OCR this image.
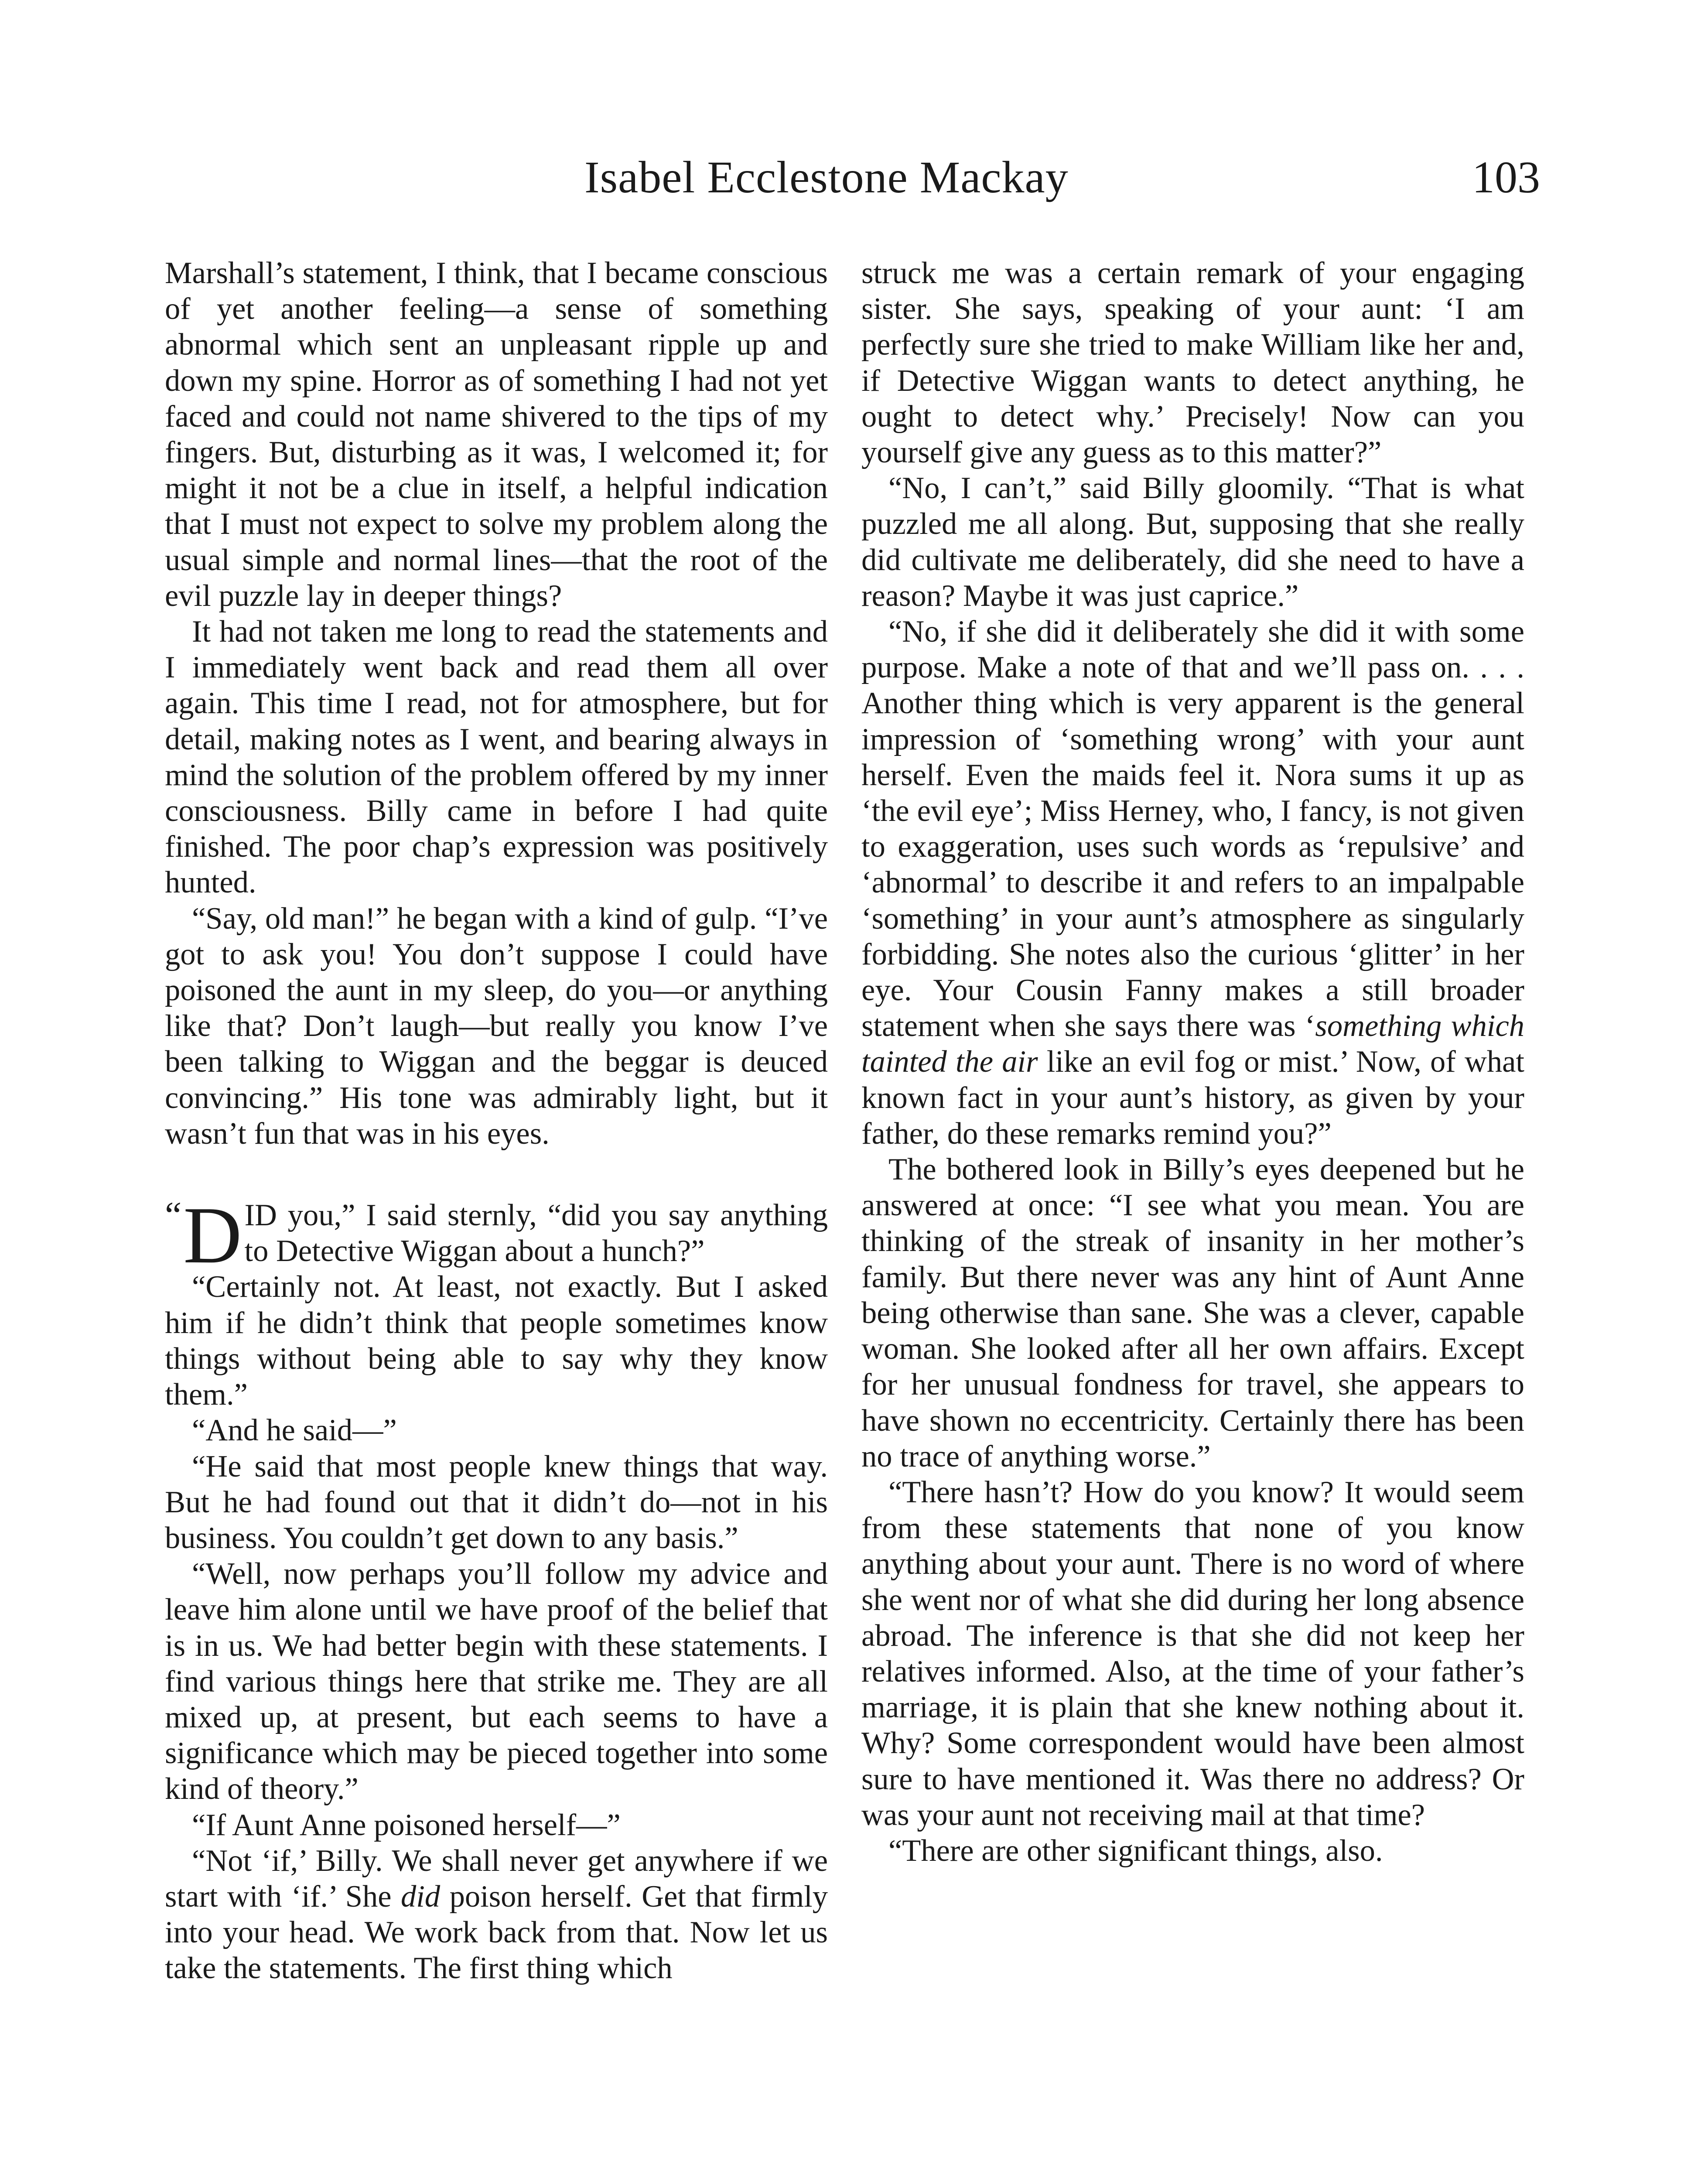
Isabel Ecclestone Mackay	103

Marshall’s statement, I think, that I became conscious of yet another feeling—a sense of something abnormal which sent an unpleasant ripple up and down my spine. Horror as of something I had not yet faced and could not name shivered to the tips of my fingers. But, disturbing as it was, I welcomed it; for might it not be a clue in itself, a helpful indication that I must not expect to solve my problem along the usual simple and normal lines—that the root of the evil puzzle lay in deeper things?

It had not taken me long to read the statements and I immediately went back and read them all over again. This time I read, not for atmosphere, but for detail, making notes as I went, and bearing always in mind the solution of the problem offered by my inner consciousness. Billy came in before I had quite finished. The poor chap’s expression was positively hunted.

“Say, old man!” he began with a kind of gulp. “I’ve got to ask you! You don’t suppose I could have poisoned the aunt in my sleep, do you—or anything like that? Don’t laugh—but really you know I’ve been talking to Wiggan and the beggar is deuced convincing.” His tone was admirably light, but it wasn’t fun that was in his eyes.

“ D ID you,” I said sternly, “did you say anything to Detective Wiggan about a hunch?”

“Certainly not. At least, not exactly. But I asked him if he didn’t think that people sometimes know things without being able to say why they know them.”

“And he said—”

“He said that most people knew things that way. But he had found out that it didn’t do—not in his business. You couldn’t get down to any basis.”

“Well, now perhaps you’ll follow my advice and leave him alone until we have proof of the belief that is in us. We had better begin with these statements. I find various things here that strike me. They are all mixed up, at present, but each seems to have a significance which may be pieced together into some kind of theory.”

“If Aunt Anne poisoned herself—”

“Not ‘if,’ Billy. We shall never get anywhere if we start with ‘if.’ She did poison herself. Get that firmly into your head. We work back from that. Now let us take the statements. The first thing which

struck me was a certain remark of your engaging sister. She says, speaking of your aunt: ‘I am perfectly sure she tried to make William like her and, if Detective Wiggan wants to detect anything, he ought to detect why.’ Precisely! Now can you yourself give any guess as to this matter?”

“No, I can’t,” said Billy gloomily. “That is what puzzled me all along. But, supposing that she really did cultivate me deliberately, did she need to have a reason? Maybe it was just caprice.”

“No, if she did it deliberately she did it with some purpose. Make a note of that and we’ll pass on. . . . Another thing which is very apparent is the general impression of ‘something wrong’ with your aunt herself. Even the maids feel it. Nora sums it up as ‘the evil eye’; Miss Herney, who, I fancy, is not given to exaggeration, uses such words as ‘repulsive’ and ‘abnormal’ to describe it and refers to an impalpable ‘something’ in your aunt’s atmosphere as singularly forbidding. She notes also the curious ‘glitter’ in her eye. Your Cousin Fanny makes a still broader statement when she says there was ‘something which tainted the air like an evil fog or mist.’ Now, of what known fact in your aunt’s history, as given by your father, do these remarks remind you?”

The bothered look in Billy’s eyes deepened but he answered at once: “I see what you mean. You are thinking of the streak of insanity in her mother’s family. But there never was any hint of Aunt Anne being otherwise than sane. She was a clever, capable woman. She looked after all her own affairs. Except for her unusual fondness for travel, she appears to have shown no eccentricity. Certainly there has been no trace of anything worse.”

“There hasn’t? How do you know? It would seem from these statements that none of you know anything about your aunt. There is no word of where she went nor of what she did during her long absence abroad. The inference is that she did not keep her relatives informed. Also, at the time of your father’s marriage, it is plain that she knew nothing about it. Why? Some correspondent would have been almost sure to have mentioned it. Was there no address? Or was your aunt not receiving mail at that time?

“There are other significant things, also.
